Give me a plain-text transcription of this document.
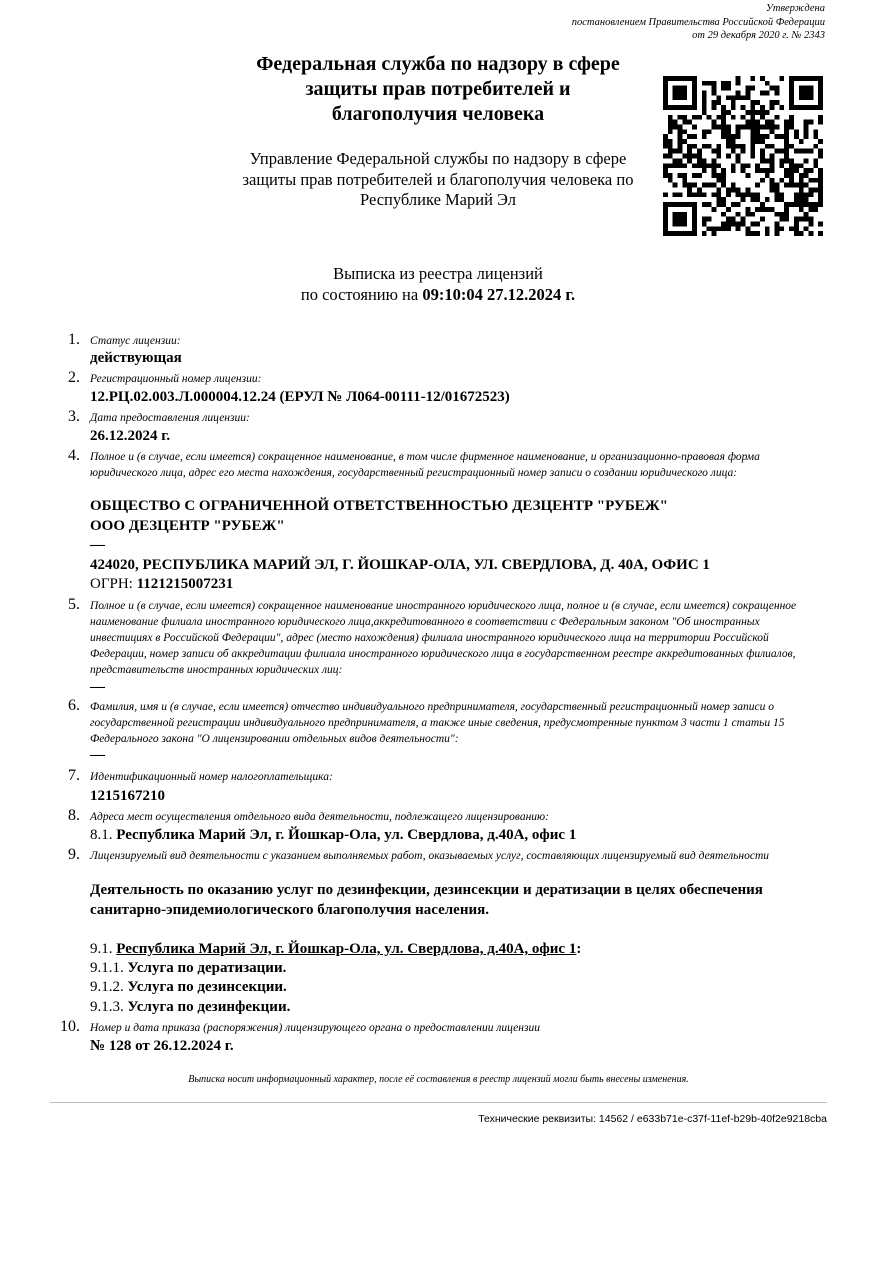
Утверждена
постановлением Правительства Российской Федерации
от 29 декабря 2020 г. № 2343
Федеральная служба по надзору в сфере защиты прав потребителей и благополучия человека
Управление Федеральной службы по надзору в сфере защиты прав потребителей и благополучия человека по Республике Марий Эл
Выписка из реестра лицензий
по состоянию на 09:10:04 27.12.2024 г.
1. Статус лицензии:
действующая
2. Регистрационный номер лицензии:
12.РЦ.02.003.Л.000004.12.24 (ЕРУЛ № Л064-00111-12/01672523)
3. Дата предоставления лицензии:
26.12.2024 г.
4. Полное и (в случае, если имеется) сокращенное наименование, в том числе фирменное наименование, и организационно-правовая форма юридического лица, адрес его места нахождения, государственный регистрационный номер записи о создании юридического лица:
ОБЩЕСТВО С ОГРАНИЧЕННОЙ ОТВЕТСТВЕННОСТЬЮ ДЕЗЦЕНТР "РУБЕЖ"
ООО ДЕЗЦЕНТР "РУБЕЖ"
—
424020, РЕСПУБЛИКА МАРИЙ ЭЛ, Г. ЙОШКАР-ОЛА, УЛ. СВЕРДЛОВА, Д. 40А, ОФИС 1
ОГРН: 1121215007231
5. Полное и (в случае, если имеется) сокращенное наименование иностранного юридического лица, полное и (в случае, если имеется) сокращенное наименование филиала иностранного юридического лица,аккредитованного в соответствии с Федеральным законом "Об иностранных инвестициях в Российской Федерации", адрес (место нахождения) филиала иностранного юридического лица на территории Российской Федерации, номер записи об аккредитации филиала иностранного юридического лица в государственном реестре аккредитованных филиалов, представительств иностранных юридических лиц:
—
6. Фамилия, имя и (в случае, если имеется) отчество индивидуального предпринимателя, государственный регистрационный номер записи о государственной регистрации индивидуального предпринимателя, а также иные сведения, предусмотренные пунктом 3 части 1 статьи 15 Федерального закона "О лицензировании отдельных видов деятельности":
—
7. Идентификационный номер налогоплательщика:
1215167210
8. Адреса мест осуществления отдельного вида деятельности, подлежащего лицензированию:
8.1. Республика Марий Эл, г. Йошкар-Ола, ул. Свердлова, д.40А, офис 1
9. Лицензируемый вид деятельности с указанием выполняемых работ, оказываемых услуг, составляющих лицензируемый вид деятельности
Деятельность по оказанию услуг по дезинфекции, дезинсекции и дератизации в целях обеспечения санитарно-эпидемиологического благополучия населения.
9.1. Республика Марий Эл, г. Йошкар-Ола, ул. Свердлова, д.40А, офис 1:
9.1.1. Услуга по дератизации.
9.1.2. Услуга по дезинсекции.
9.1.3. Услуга по дезинфекции.
10. Номер и дата приказа (распоряжения) лицензирующего органа о предоставлении лицензии
№ 128 от 26.12.2024 г.
Выписка носит информационный характер, после её составления в реестр лицензий могли быть внесены изменения.
Технические реквизиты: 14562 / e633b71e-c37f-11ef-b29b-40f2e9218cba
